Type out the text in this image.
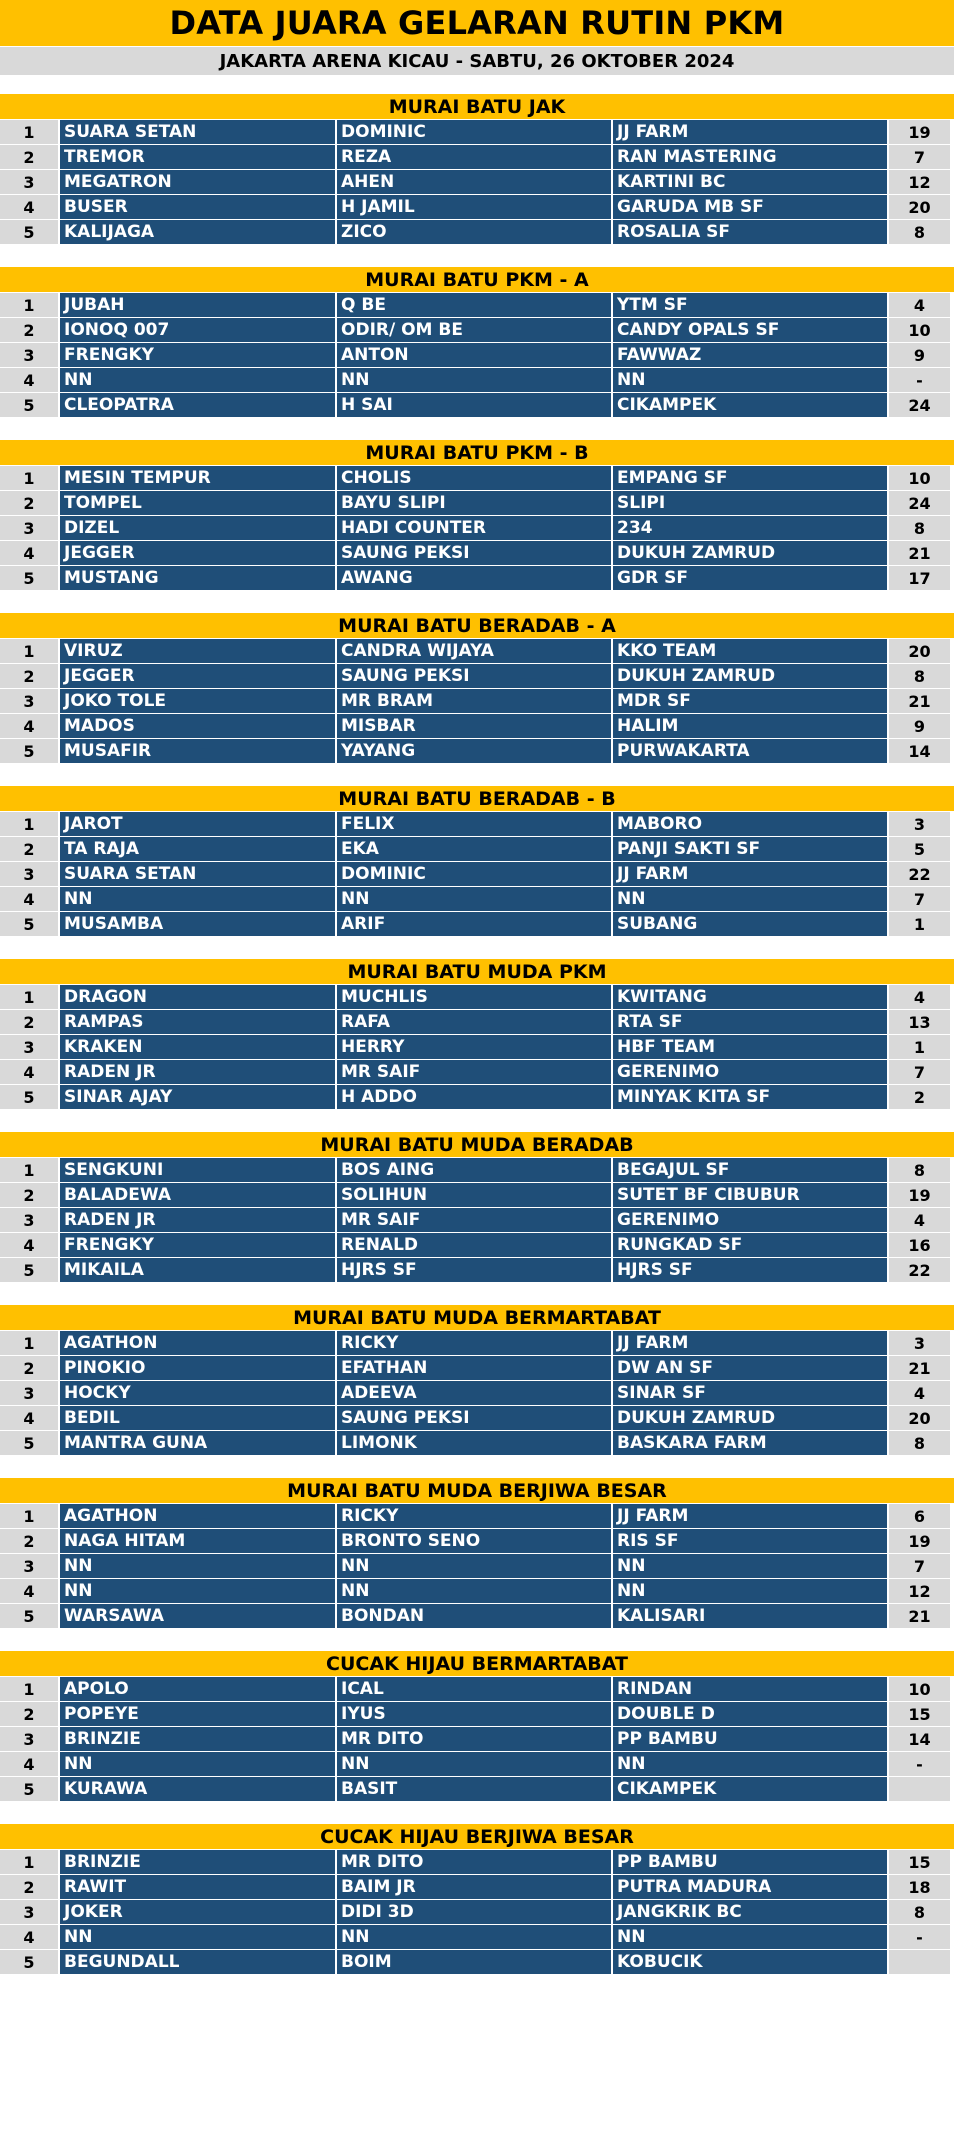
DATA JUARA GELARAN RUTIN PKM
JAKARTA ARENA KICAU - SABTU, 26 OKTOBER 2024
MURAI BATU JAK
1	SUARA SETAN	DOMINIC	JJ FARM	19
2	TREMOR	REZA	RAN MASTERING	7
3	MEGATRON	AHEN	KARTINI BC	12
4	BUSER	H JAMIL	GARUDA MB SF	20
5	KALIJAGA	ZICO	ROSALIA SF	8
MURAI BATU PKM - A
1	JUBAH	Q BE	YTM SF	4
2	IONOQ 007	ODIR/ OM BE	CANDY OPALS SF	10
3	FRENGKY	ANTON	FAWWAZ	9
4	NN	NN	NN	-
5	CLEOPATRA	H SAI	CIKAMPEK	24
MURAI BATU PKM - B
1	MESIN TEMPUR	CHOLIS	EMPANG SF	10
2	TOMPEL	BAYU SLIPI	SLIPI	24
3	DIZEL	HADI COUNTER	234	8
4	JEGGER	SAUNG PEKSI	DUKUH ZAMRUD	21
5	MUSTANG	AWANG	GDR SF	17
MURAI BATU BERADAB - A
1	VIRUZ	CANDRA WIJAYA	KKO TEAM	20
2	JEGGER	SAUNG PEKSI	DUKUH ZAMRUD	8
3	JOKO TOLE	MR BRAM	MDR SF	21
4	MADOS	MISBAR	HALIM	9
5	MUSAFIR	YAYANG	PURWAKARTA	14
MURAI BATU BERADAB - B
1	JAROT	FELIX	MABORO	3
2	TA RAJA	EKA	PANJI SAKTI SF	5
3	SUARA SETAN	DOMINIC	JJ FARM	22
4	NN	NN	NN	7
5	MUSAMBA	ARIF	SUBANG	1
MURAI BATU MUDA PKM
1	DRAGON	MUCHLIS	KWITANG	4
2	RAMPAS	RAFA	RTA SF	13
3	KRAKEN	HERRY	HBF TEAM	1
4	RADEN JR	MR SAIF	GERENIMO	7
5	SINAR AJAY	H ADDO	MINYAK KITA SF	2
MURAI BATU MUDA BERADAB
1	SENGKUNI	BOS AING	BEGAJUL SF	8
2	BALADEWA	SOLIHUN	SUTET BF CIBUBUR	19
3	RADEN JR	MR SAIF	GERENIMO	4
4	FRENGKY	RENALD	RUNGKAD SF	16
5	MIKAILA	HJRS SF	HJRS SF	22
MURAI BATU MUDA BERMARTABAT
1	AGATHON	RICKY	JJ FARM	3
2	PINOKIO	EFATHAN	DW AN SF	21
3	HOCKY	ADEEVA	SINAR SF	4
4	BEDIL	SAUNG PEKSI	DUKUH ZAMRUD	20
5	MANTRA GUNA	LIMONK	BASKARA FARM	8
MURAI BATU MUDA BERJIWA BESAR
1	AGATHON	RICKY	JJ FARM	6
2	NAGA HITAM	BRONTO SENO	RIS SF	19
3	NN	NN	NN	7
4	NN	NN	NN	12
5	WARSAWA	BONDAN	KALISARI	21
CUCAK HIJAU BERMARTABAT
1	APOLO	ICAL	RINDAN	10
2	POPEYE	IYUS	DOUBLE D	15
3	BRINZIE	MR DITO	PP BAMBU	14
4	NN	NN	NN	-
5	KURAWA	BASIT	CIKAMPEK
CUCAK HIJAU BERJIWA BESAR
1	BRINZIE	MR DITO	PP BAMBU	15
2	RAWIT	BAIM JR	PUTRA MADURA	18
3	JOKER	DIDI 3D	JANGKRIK BC	8
4	NN	NN	NN	-
5	BEGUNDALL	BOIM	KOBUCIK
